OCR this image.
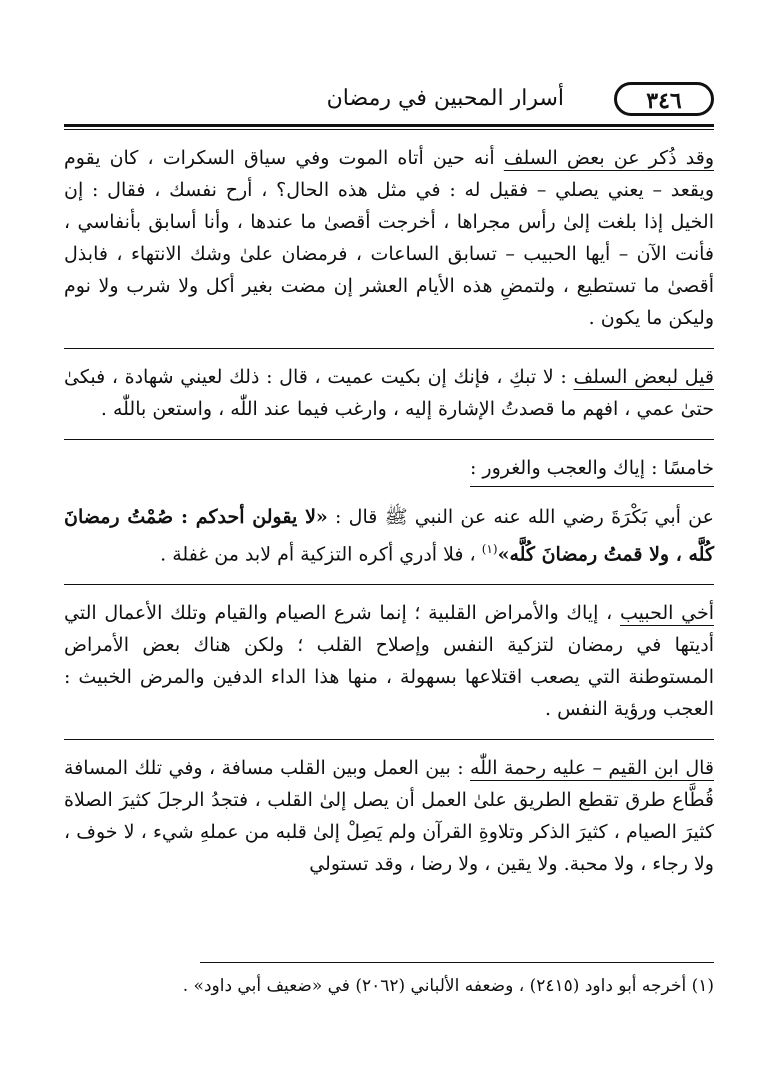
٣٤٦
أسرار المحبين في رمضان

وقد ذُكر عن بعض السلف أنه حين أتاه الموت وفي سياق السكرات ، كان يقوم ويقعد – يعني يصلي – فقيل له : في مثل هذه الحال؟ ، أرح نفسك ، فقال : إن الخيل إذا بلغت إلىٰ رأس مجراها ، أخرجت أقصىٰ ما عندها ، وأنا أسابق بأنفاسي ، فأنت الآن – أيها الحبيب – تسابق الساعات ، فرمضان علىٰ وشك الانتهاء ، فابذل أقصىٰ ما تستطيع ، ولتمضِ هذه الأيام العشر إن مضت بغير أكل ولا شرب ولا نوم وليكن ما يكون .

قيل لبعض السلف : لا تبكِ ، فإنك إن بكيت عميت ، قال : ذلك لعيني شهادة ، فبكىٰ حتىٰ عمي ، افهم ما قصدتُ الإشارة إليه ، وارغب فيما عند اللّٰه ، واستعن باللّٰه .

خامسًا : إياك والعجب والغرور :

عن أبي بَكْرَةَ رضي الله عنه عن النبي ﷺ قال : «لا يقولن أحدكم : صُمْتُ رمضانَ كُلَّه ، ولا قمتُ رمضانَ كُلَّه»$^{(١)}$ ، فلا أدري أكره التزكية أم لابد من غفلة .

أخي الحبيب ، إياك والأمراض القلبية ؛ إنما شرع الصيام والقيام وتلك الأعمال التي أديتها في رمضان لتزكية النفس وإصلاح القلب ؛ ولكن هناك بعض الأمراض المستوطنة التي يصعب اقتلاعها بسهولة ، منها هذا الداء الدفين والمرض الخبيث : العجب ورؤية النفس .

قال ابن القيم – عليه رحمة اللّٰه : بين العمل وبين القلب مسافة ، وفي تلك المسافة قُطَّاع طرق تقطع الطريق علىٰ العمل أن يصل إلىٰ القلب ، فتجدُ الرجلَ كثيرَ الصلاة كثيرَ الصيام ، كثيرَ الذكر وتلاوةِ القرآن ولم يَصِلْ إلىٰ قلبه من عملهِ شيء ، لا خوف ، ولا رجاء ، ولا محبة. ولا يقين ، ولا رضا ، وقد تستولي

(١) أخرجه أبو داود (٢٤١٥) ، وضعفه الألباني (٢٠٦٢) في «ضعيف أبي داود» .
